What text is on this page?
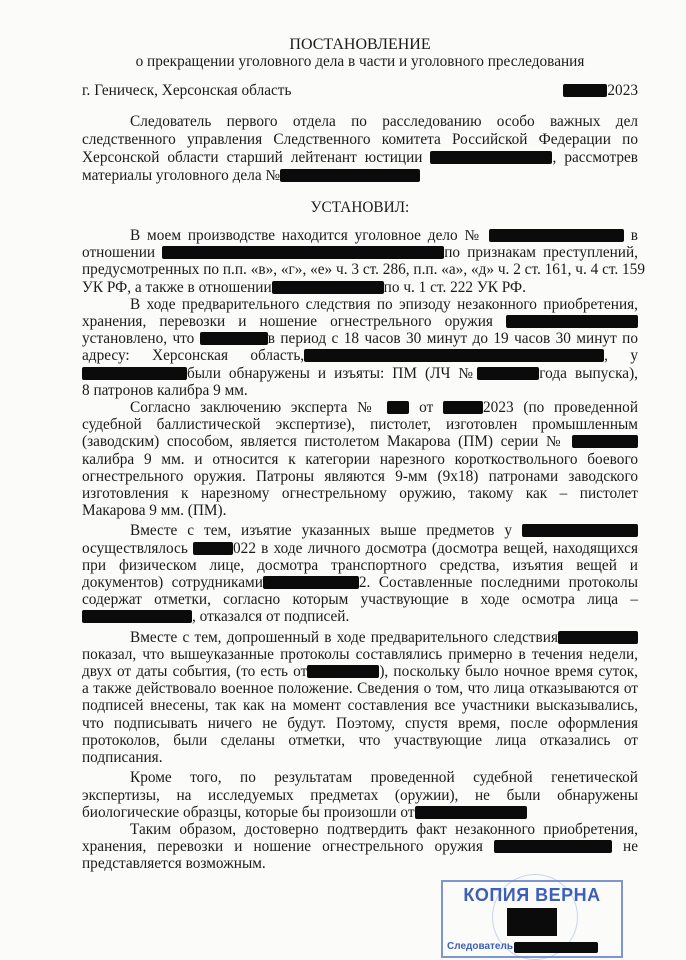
ПОСТАНОВЛЕНИЕ
о прекращении уголовного дела в части и уголовного преследования
г. Геническ, Херсонская область	2023
Следователь первого отдела по расследованию особо важных дел
следственного управления Следственного комитета Российской Федерации по
Херсонской области старший лейтенант юстиции	, рассмотрев
материалы уголовного дела №
УСТАНОВИЛ:
В моем производстве находится уголовное дело №	в
отношении	по признакам преступлений,
предусмотренных по п.п. «в», «г», «е» ч. 3 ст. 286, п.п. «а», «д» ч. 2 ст. 161, ч. 4 ст. 159
УК РФ, а также в отношении	по ч. 1 ст. 222 УК РФ.
В ходе предварительного следствия по эпизоду незаконного приобретения,
хранения, перевозки и ношение огнестрельного оружия
установлено, что	в период с 18 часов 30 минут до 19 часов 30 минут по
адресу: Херсонская область,	, у
были обнаружены и изъяты: ПМ (ЛЧ №	года выпуска),
8 патронов калибра 9 мм.
Согласно заключению эксперта №	от	2023 (по проведенной
судебной баллистической экспертизе), пистолет, изготовлен промышленным
(заводским) способом, является пистолетом Макарова (ПМ) серии №
калибра 9 мм. и относится к категории нарезного короткоствольного боевого
огнестрельного оружия. Патроны являются 9-мм (9х18) патронами заводского
изготовления к нарезному огнестрельному оружию, такому как – пистолет
Макарова 9 мм. (ПМ).
Вместе с тем, изъятие указанных выше предметов у
осуществлялось	022 в ходе личного досмотра (досмотра вещей, находящихся
при физическом лице, досмотра транспортного средства, изъятия вещей и
документов) сотрудниками	2. Составленные последними протоколы
содержат отметки, согласно которым участвующие в ходе осмотра лица –
, отказался от подписей.
Вместе с тем, допрошенный в ходе предварительного следствия
показал, что вышеуказанные протоколы составлялись примерно в течения недели,
двух от даты события, (то есть от	), поскольку было ночное время суток,
а также действовало военное положение. Сведения о том, что лица отказываются от
подписей внесены, так как на момент составления все участники высказывались,
что подписывать ничего не будут. Поэтому, спустя время, после оформления
протоколов, были сделаны отметки, что участвующие лица отказались от
подписания.
Кроме того, по результатам проведенной судебной генетической
экспертизы, на исследуемых предметах (оружии), не были обнаружены
биологические образцы, которые бы произошли от
Таким образом, достоверно подтвердить факт незаконного приобретения,
хранения, перевозки и ношение огнестрельного оружия	не
представляется возможным.
КОПИЯ ВЕРНА
Следователь
